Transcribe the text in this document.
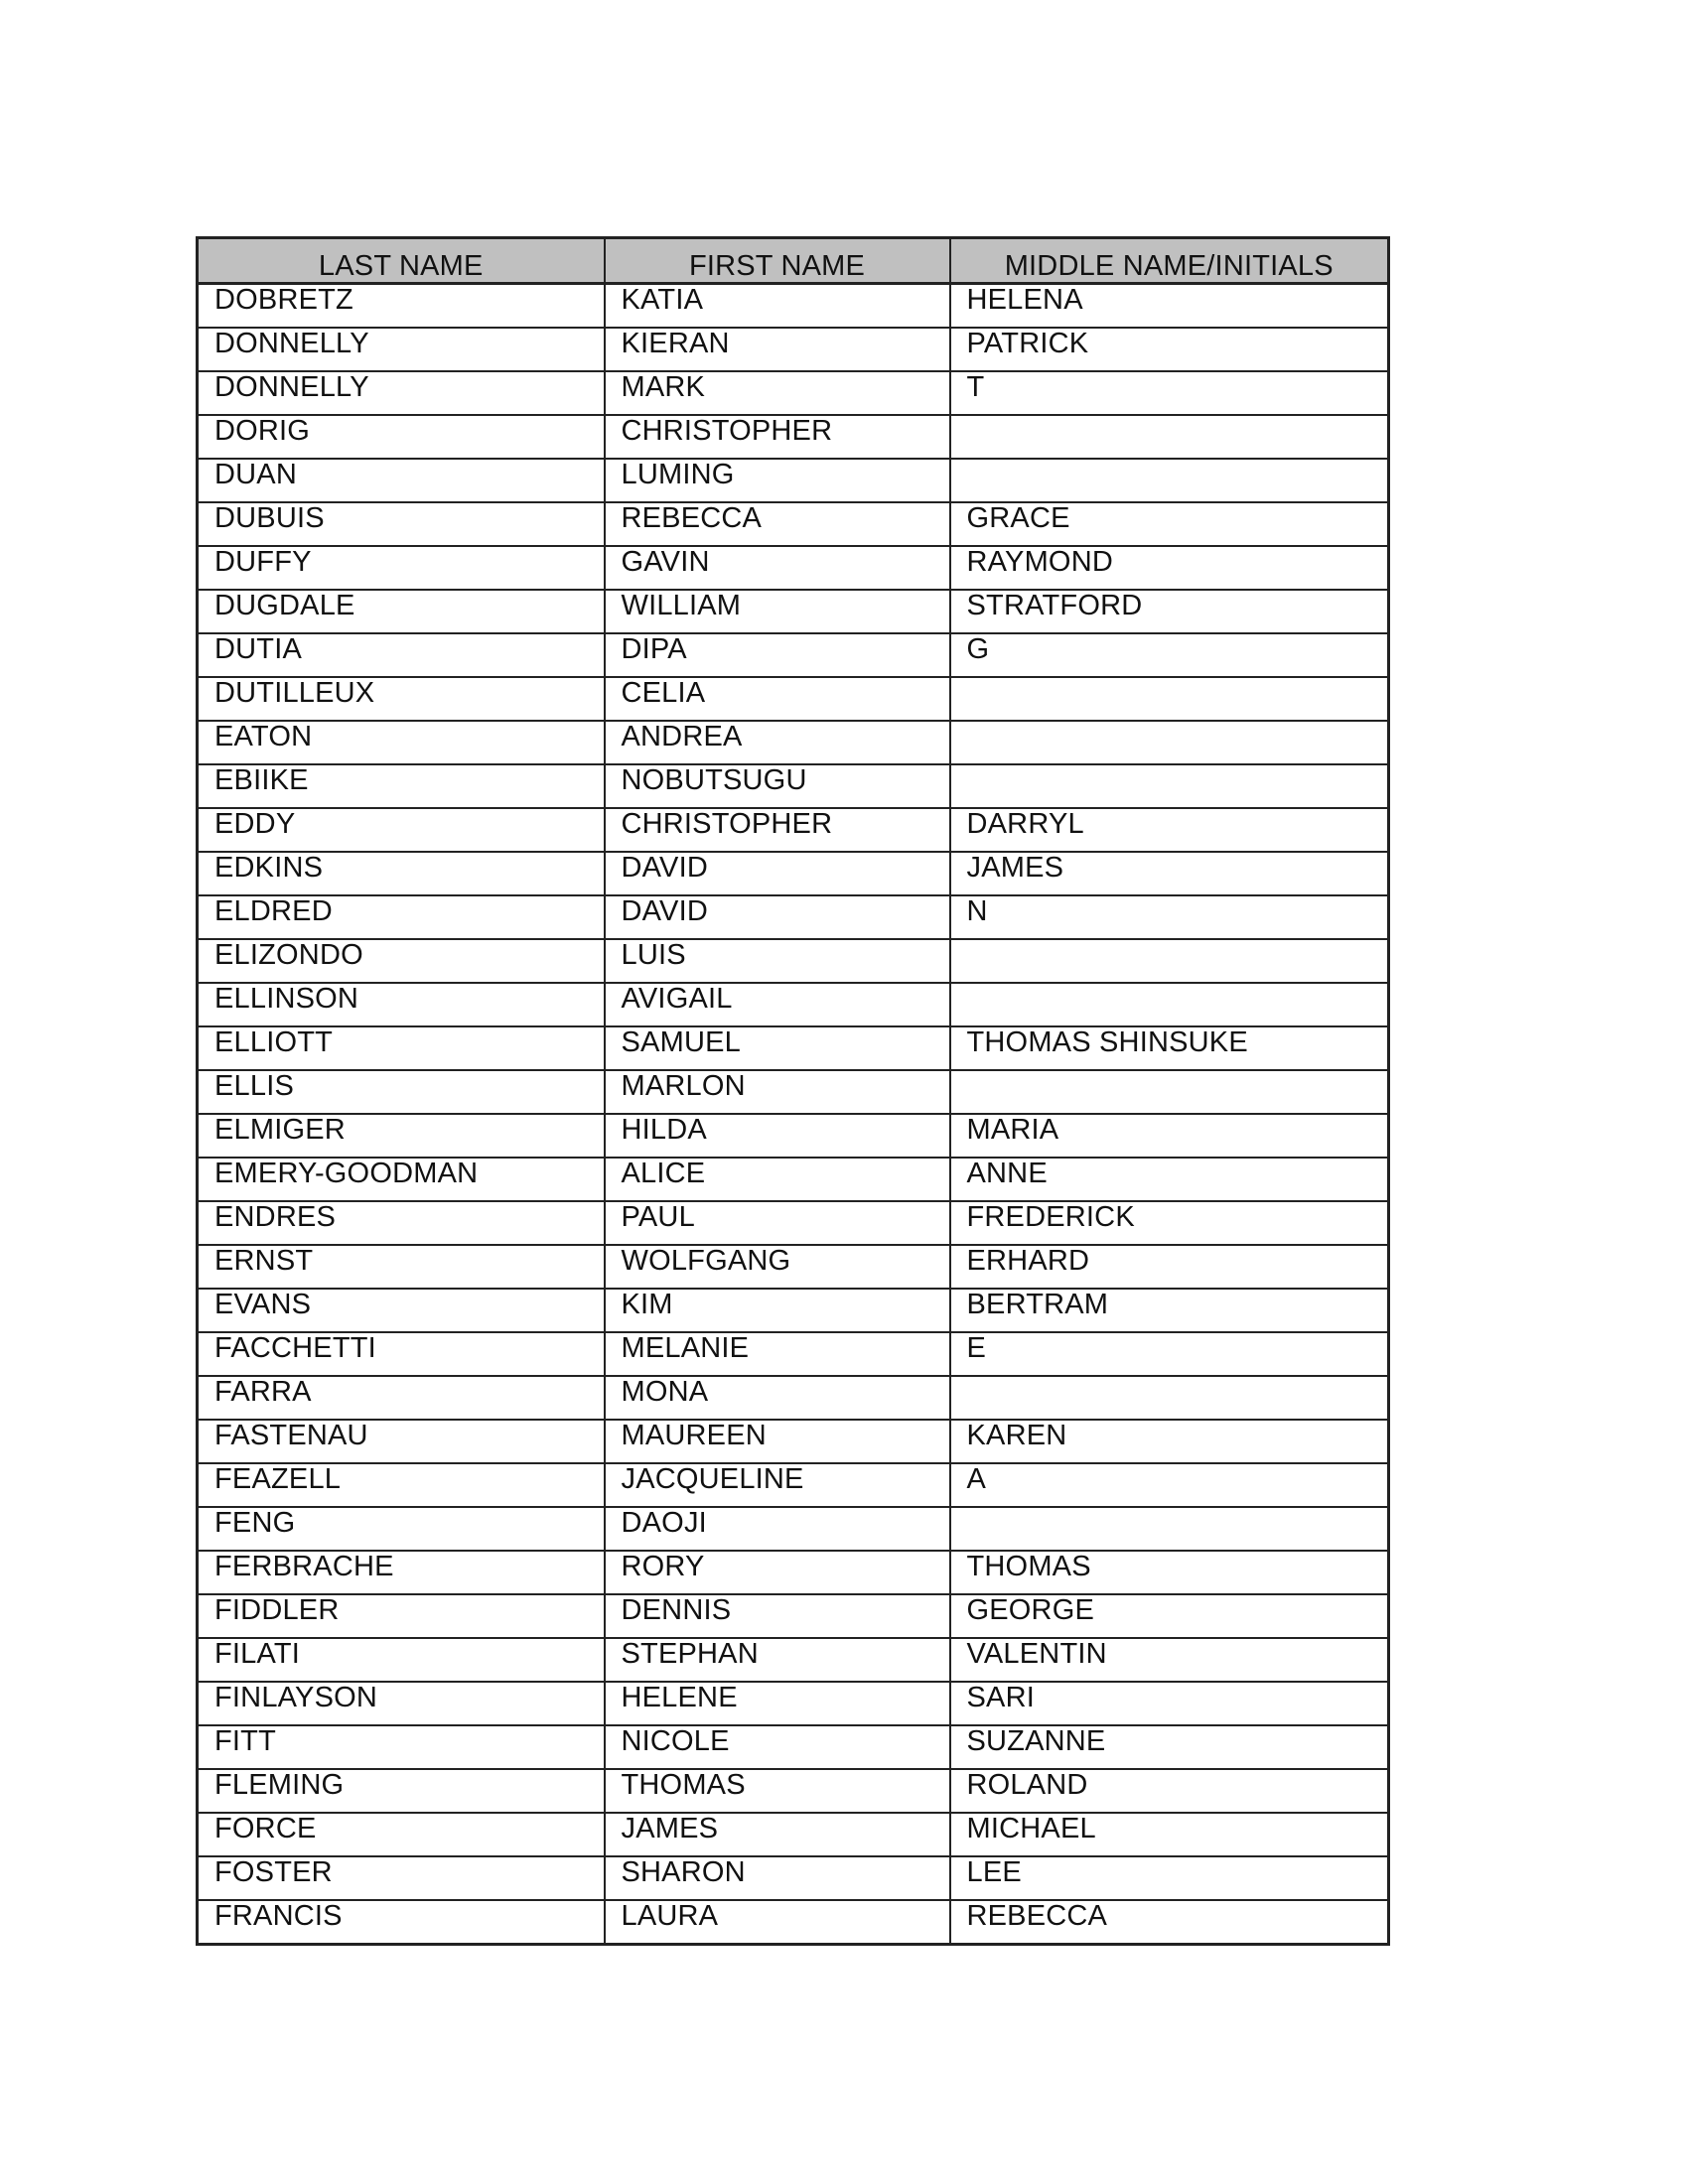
LAST NAME	FIRST NAME	MIDDLE NAME/INITIALS
DOBRETZ	KATIA	HELENA
DONNELLY	KIERAN	PATRICK
DONNELLY	MARK	T
DORIG	CHRISTOPHER	
DUAN	LUMING	
DUBUIS	REBECCA	GRACE
DUFFY	GAVIN	RAYMOND
DUGDALE	WILLIAM	STRATFORD
DUTIA	DIPA	G
DUTILLEUX	CELIA	
EATON	ANDREA	
EBIIKE	NOBUTSUGU	
EDDY	CHRISTOPHER	DARRYL
EDKINS	DAVID	JAMES
ELDRED	DAVID	N
ELIZONDO	LUIS	
ELLINSON	AVIGAIL	
ELLIOTT	SAMUEL	THOMAS SHINSUKE
ELLIS	MARLON	
ELMIGER	HILDA	MARIA
EMERY-GOODMAN	ALICE	ANNE
ENDRES	PAUL	FREDERICK
ERNST	WOLFGANG	ERHARD
EVANS	KIM	BERTRAM
FACCHETTI	MELANIE	E
FARRA	MONA	
FASTENAU	MAUREEN	KAREN
FEAZELL	JACQUELINE	A
FENG	DAOJI	
FERBRACHE	RORY	THOMAS
FIDDLER	DENNIS	GEORGE
FILATI	STEPHAN	VALENTIN
FINLAYSON	HELENE	SARI
FITT	NICOLE	SUZANNE
FLEMING	THOMAS	ROLAND
FORCE	JAMES	MICHAEL
FOSTER	SHARON	LEE
FRANCIS	LAURA	REBECCA
